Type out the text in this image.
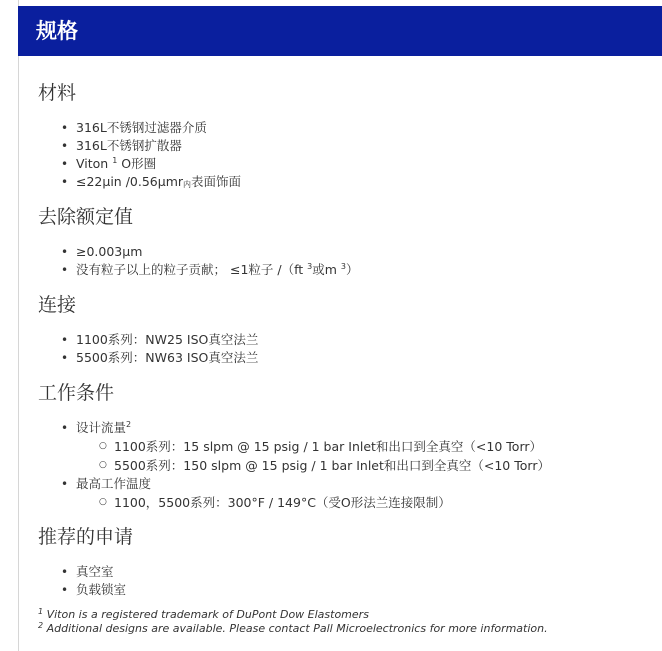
规格
材料
• 316L不锈钢过滤器介质
• 316L不锈钢扩散器
• Viton $^1$ O形圈
• ≤22μin /0.56μmr$_内$表面饰面
去除额定值
• ≥0.003μm
• 没有粒子以上的粒子贡献； ≤1粒子 /（ft $^3$或m $^3$）
连接
• 1100系列：NW25 ISO真空法兰
• 5500系列：NW63 ISO真空法兰
工作条件
• 设计流量$^2$
○ 1100系列：15 slpm @ 15 psig / 1 bar Inlet和出口到全真空（<10 Torr）
○ 5500系列：150 slpm @ 15 psig / 1 bar Inlet和出口到全真空（<10 Torr）
• 最高工作温度
○ 1100，5500系列：300°F / 149°C（受O形法兰连接限制）
推荐的申请
• 真空室
• 负载锁室
$^1$ Viton is a registered trademark of DuPont Dow Elastomers
$^2$ Additional designs are available. Please contact Pall Microelectronics for more information.
